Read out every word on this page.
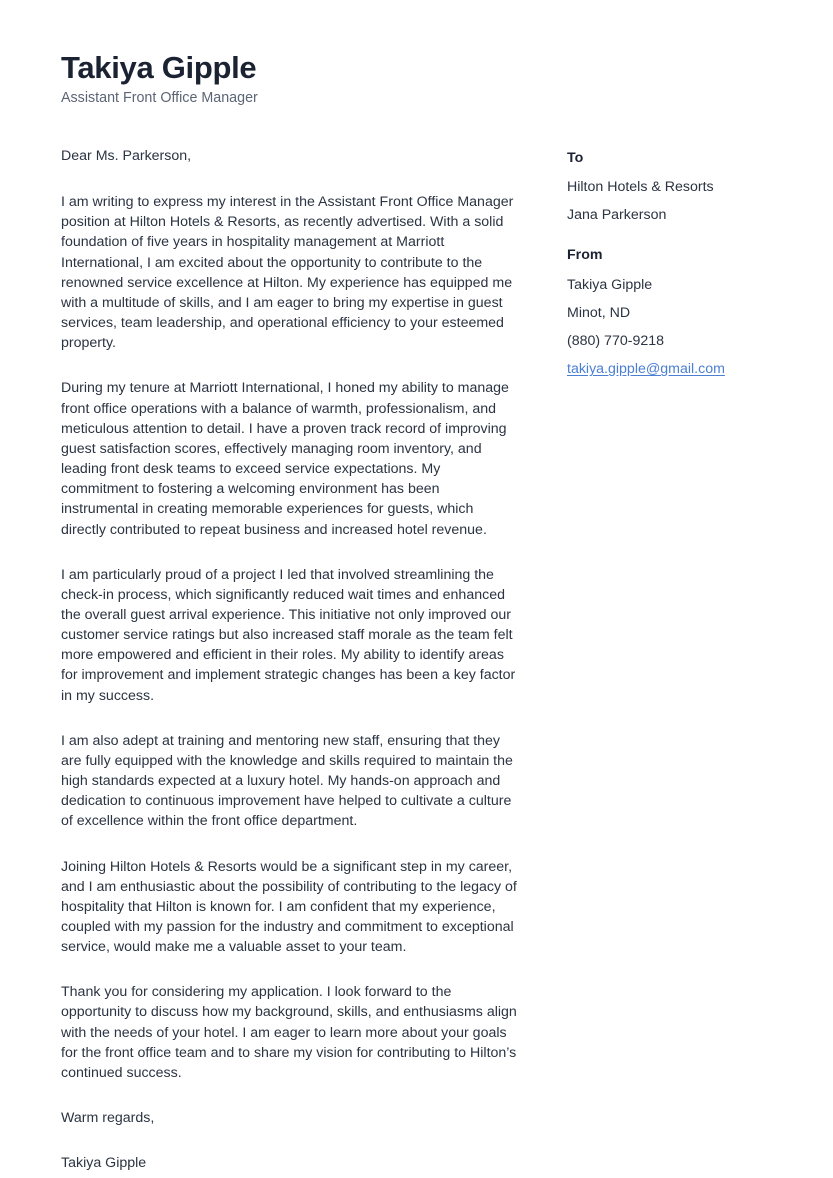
Takiya Gipple

Assistant Front Office Manager

Dear Ms. Parkerson,

I am writing to express my interest in the Assistant Front Office Manager position at Hilton Hotels & Resorts, as recently advertised. With a solid foundation of five years in hospitality management at Marriott International, I am excited about the opportunity to contribute to the renowned service excellence at Hilton. My experience has equipped me with a multitude of skills, and I am eager to bring my expertise in guest services, team leadership, and operational efficiency to your esteemed property.

During my tenure at Marriott International, I honed my ability to manage front office operations with a balance of warmth, professionalism, and meticulous attention to detail. I have a proven track record of improving guest satisfaction scores, effectively managing room inventory, and leading front desk teams to exceed service expectations. My commitment to fostering a welcoming environment has been instrumental in creating memorable experiences for guests, which directly contributed to repeat business and increased hotel revenue.

I am particularly proud of a project I led that involved streamlining the check-in process, which significantly reduced wait times and enhanced the overall guest arrival experience. This initiative not only improved our customer service ratings but also increased staff morale as the team felt more empowered and efficient in their roles. My ability to identify areas for improvement and implement strategic changes has been a key factor in my success.

I am also adept at training and mentoring new staff, ensuring that they are fully equipped with the knowledge and skills required to maintain the high standards expected at a luxury hotel. My hands-on approach and dedication to continuous improvement have helped to cultivate a culture of excellence within the front office department.

Joining Hilton Hotels & Resorts would be a significant step in my career, and I am enthusiastic about the possibility of contributing to the legacy of hospitality that Hilton is known for. I am confident that my experience, coupled with my passion for the industry and commitment to exceptional service, would make me a valuable asset to your team.

Thank you for considering my application. I look forward to the opportunity to discuss how my background, skills, and enthusiasms align with the needs of your hotel. I am eager to learn more about your goals for the front office team and to share my vision for contributing to Hilton’s continued success.

Warm regards,

Takiya Gipple

To

Hilton Hotels & Resorts

Jana Parkerson

From

Takiya Gipple

Minot, ND

(880) 770-9218

takiya.gipple@gmail.com
